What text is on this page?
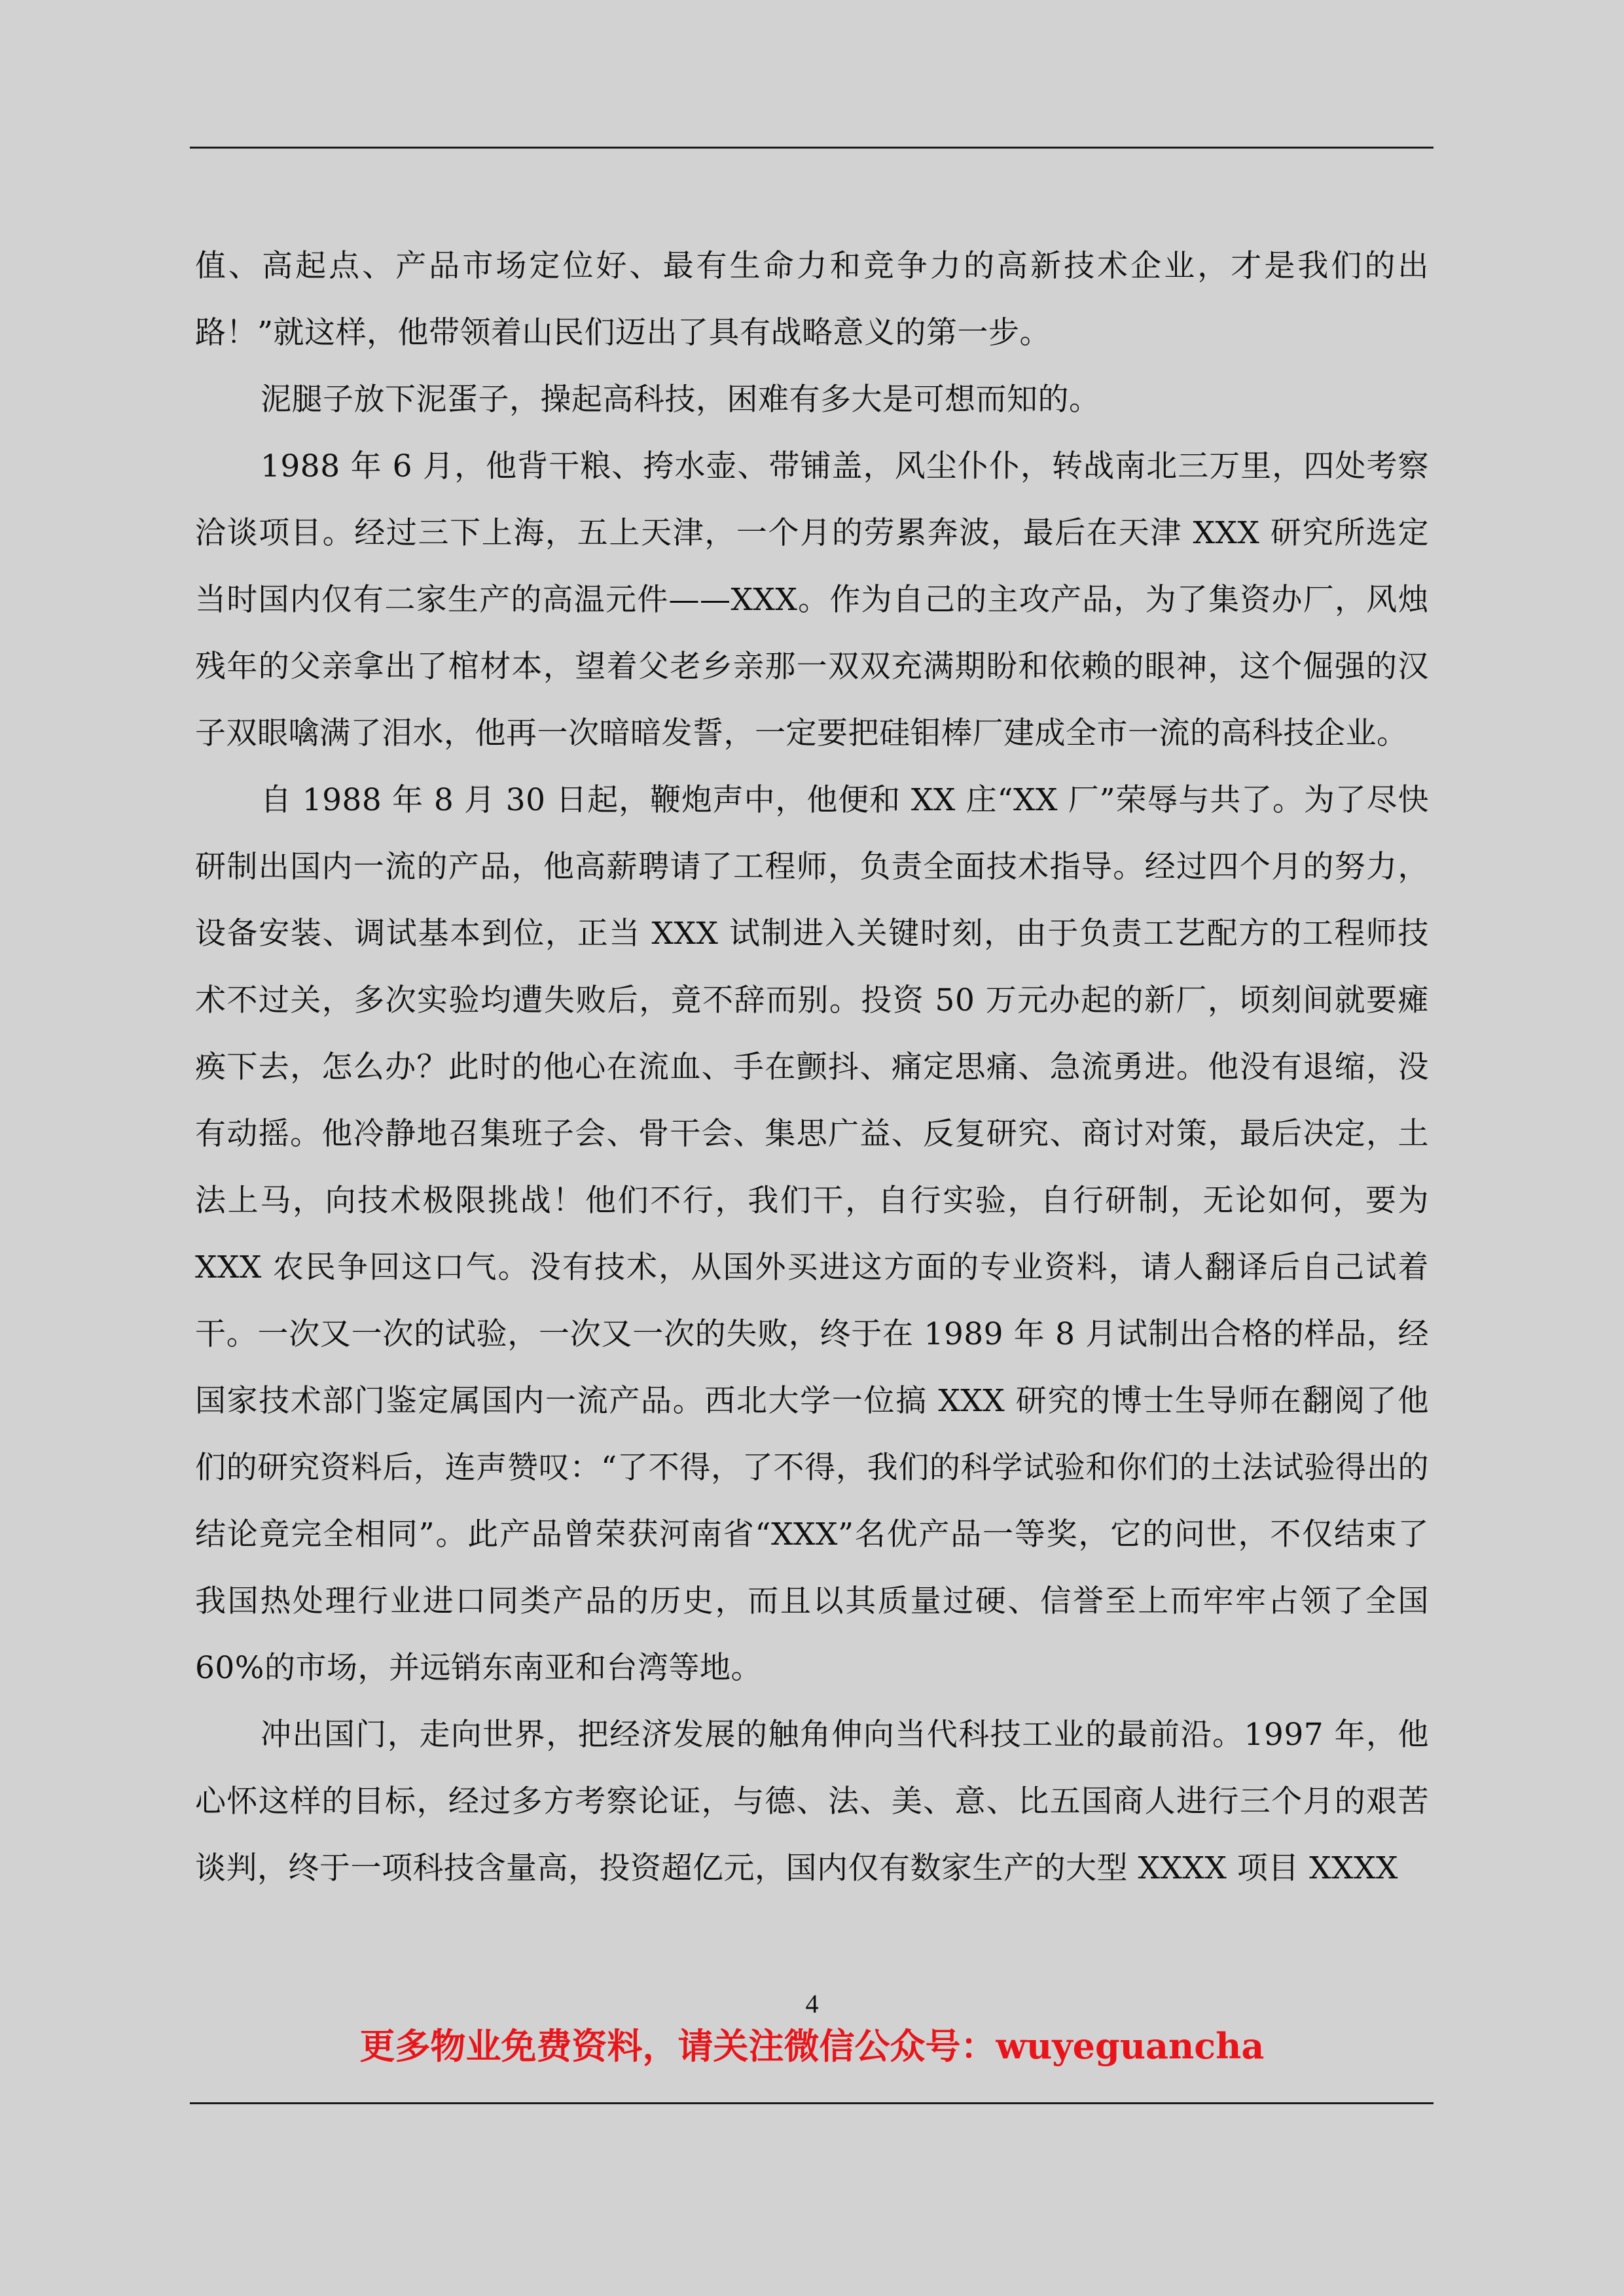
值、高起点、产品市场定位好、最有生命力和竞争力的高新技术企业，才是我们的出路！”就这样，他带领着山民们迈出了具有战略意义的第一步。

泥腿子放下泥蛋子，操起高科技，困难有多大是可想而知的。

1988 年 6 月，他背干粮、挎水壶、带铺盖，风尘仆仆，转战南北三万里，四处考察洽谈项目。经过三下上海，五上天津，一个月的劳累奔波，最后在天津 XXX 研究所选定当时国内仅有二家生产的高温元件——XXX。作为自己的主攻产品，为了集资办厂，风烛残年的父亲拿出了棺材本，望着父老乡亲那一双双充满期盼和依赖的眼神，这个倔强的汉子双眼噙满了泪水，他再一次暗暗发誓，一定要把硅钼棒厂建成全市一流的高科技企业。

自 1988 年 8 月 30 日起，鞭炮声中，他便和 XX 庄“XX 厂”荣辱与共了。为了尽快研制出国内一流的产品，他高薪聘请了工程师，负责全面技术指导。经过四个月的努力，设备安装、调试基本到位，正当 XXX 试制进入关键时刻，由于负责工艺配方的工程师技术不过关，多次实验均遭失败后，竟不辞而别。投资 50 万元办起的新厂，顷刻间就要瘫痪下去，怎么办？此时的他心在流血、手在颤抖、痛定思痛、急流勇进。他没有退缩，没有动摇。他冷静地召集班子会、骨干会、集思广益、反复研究、商讨对策，最后决定，土法上马，向技术极限挑战！他们不行，我们干，自行实验，自行研制，无论如何，要为 XXX 农民争回这口气。没有技术，从国外买进这方面的专业资料，请人翻译后自己试着干。一次又一次的试验，一次又一次的失败，终于在 1989 年 8 月试制出合格的样品，经国家技术部门鉴定属国内一流产品。西北大学一位搞 XXX 研究的博士生导师在翻阅了他们的研究资料后，连声赞叹：“了不得，了不得，我们的科学试验和你们的土法试验得出的结论竟完全相同”。此产品曾荣获河南省“XXX”名优产品一等奖，它的问世，不仅结束了我国热处理行业进口同类产品的历史，而且以其质量过硬、信誉至上而牢牢占领了全国 60%的市场，并远销东南亚和台湾等地。

冲出国门，走向世界，把经济发展的触角伸向当代科技工业的最前沿。1997 年，他心怀这样的目标，经过多方考察论证，与德、法、美、意、比五国商人进行三个月的艰苦谈判，终于一项科技含量高，投资超亿元，国内仅有数家生产的大型 XXXX 项目 XXXX

4
更多物业免费资料，请关注微信公众号：wuyeguancha
